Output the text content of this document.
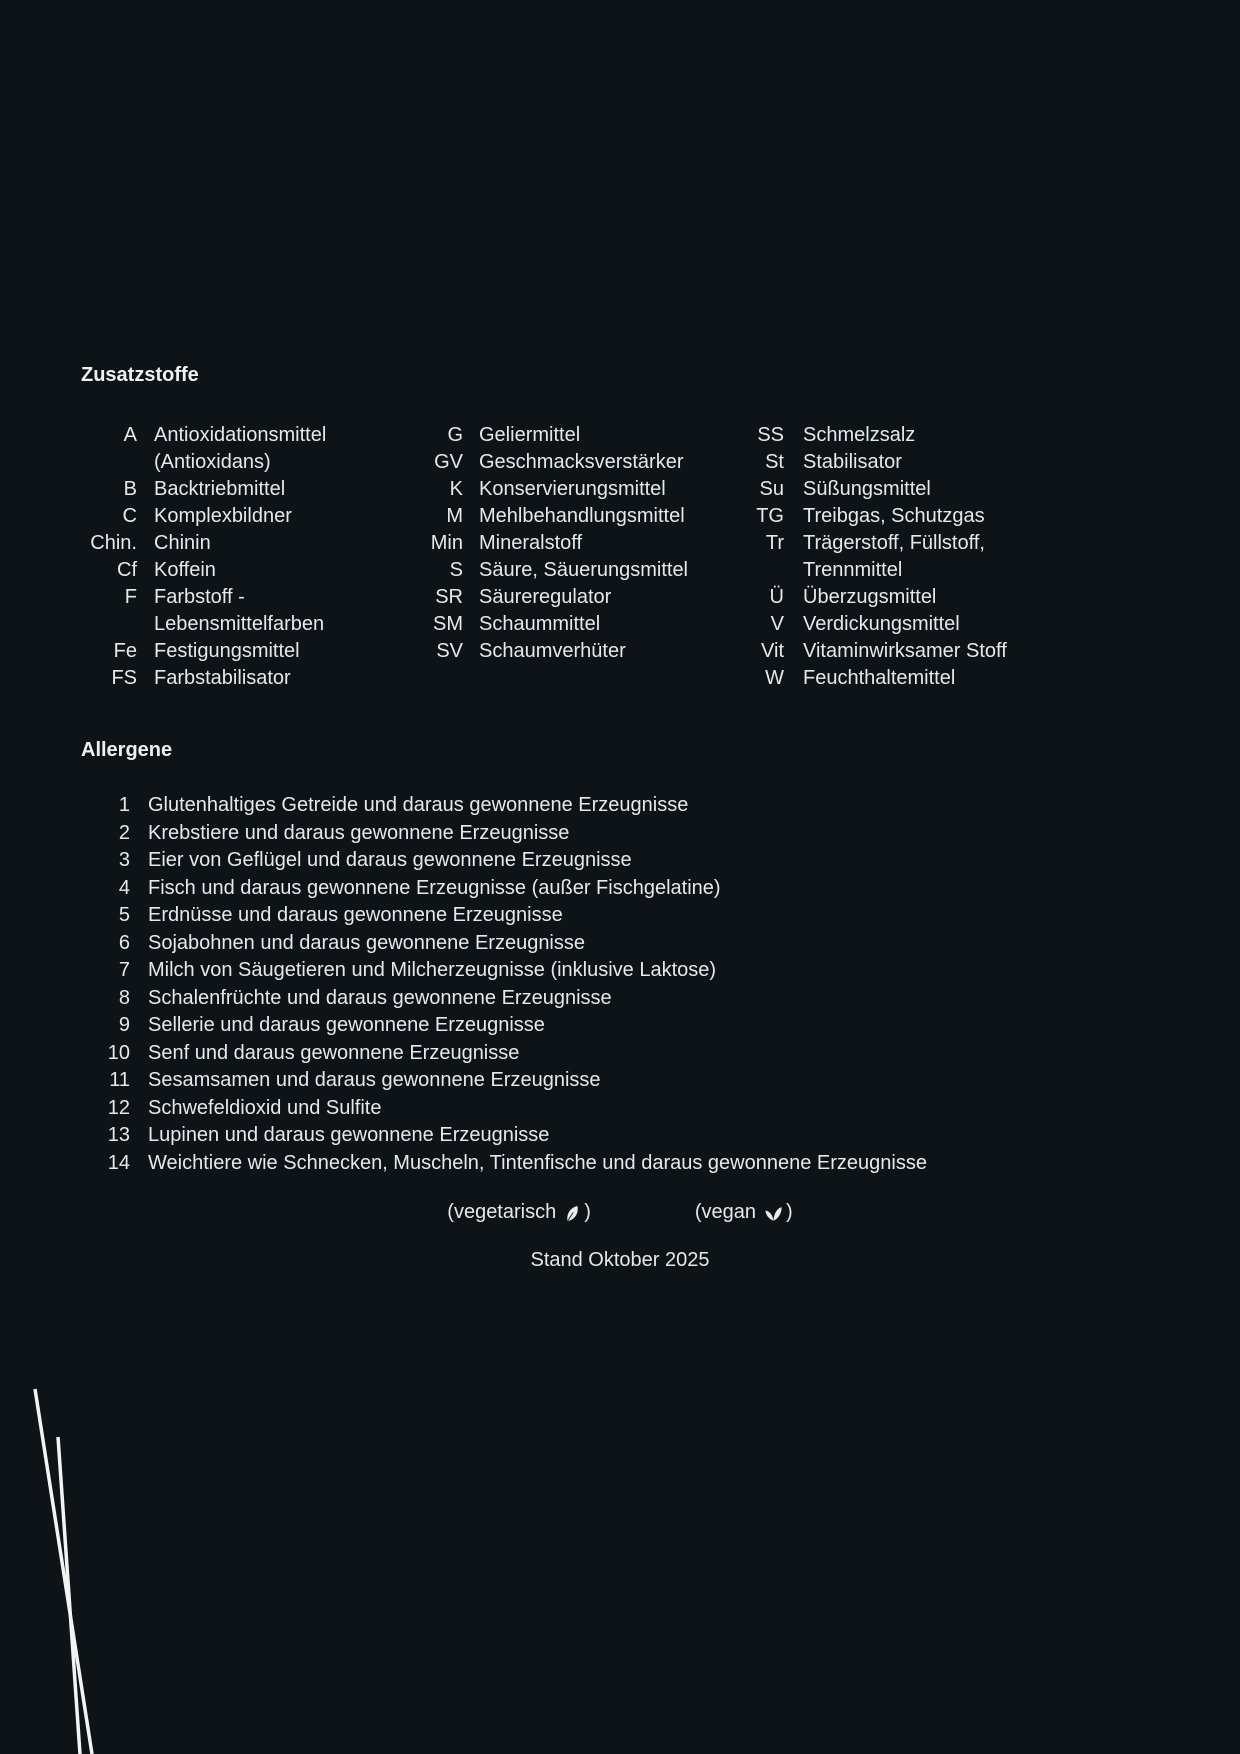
Zusatzstoffe
A Antioxidationsmittel (Antioxidans)
B Backtriebmittel
C Komplexbildner
Chin. Chinin
Cf Koffein
F Farbstoff - Lebensmittelfarben
Fe Festigungsmittel
FS Farbstabilisator
G Geliermittel
GV Geschmacksverstärker
K Konservierungsmittel
M Mehlbehandlungsmittel
Min Mineralstoff
S Säure, Säuerungsmittel
SR Säureregulator
SM Schaummittel
SV Schaumverhüter
SS Schmelzsalz
St Stabilisator
Su Süßungsmittel
TG Treibgas, Schutzgas
Tr Trägerstoff, Füllstoff, Trennmittel
Ü Überzugsmittel
V Verdickungsmittel
Vit Vitaminwirksamer Stoff
W Feuchthaltemittel
Allergene
1 Glutenhaltiges Getreide und daraus gewonnene Erzeugnisse
2 Krebstiere und daraus gewonnene Erzeugnisse
3 Eier von Geflügel und daraus gewonnene Erzeugnisse
4 Fisch und daraus gewonnene Erzeugnisse (außer Fischgelatine)
5 Erdnüsse und daraus gewonnene Erzeugnisse
6 Sojabohnen und daraus gewonnene Erzeugnisse
7 Milch von Säugetieren und Milcherzeugnisse (inklusive Laktose)
8 Schalenfrüchte und daraus gewonnene Erzeugnisse
9 Sellerie und daraus gewonnene Erzeugnisse
10 Senf und daraus gewonnene Erzeugnisse
11 Sesamsamen und daraus gewonnene Erzeugnisse
12 Schwefeldioxid und Sulfite
13 Lupinen und daraus gewonnene Erzeugnisse
14 Weichtiere wie Schnecken, Muscheln, Tintenfische und daraus gewonnene Erzeugnisse
(vegetarisch )	(vegan )
Stand Oktober 2025
